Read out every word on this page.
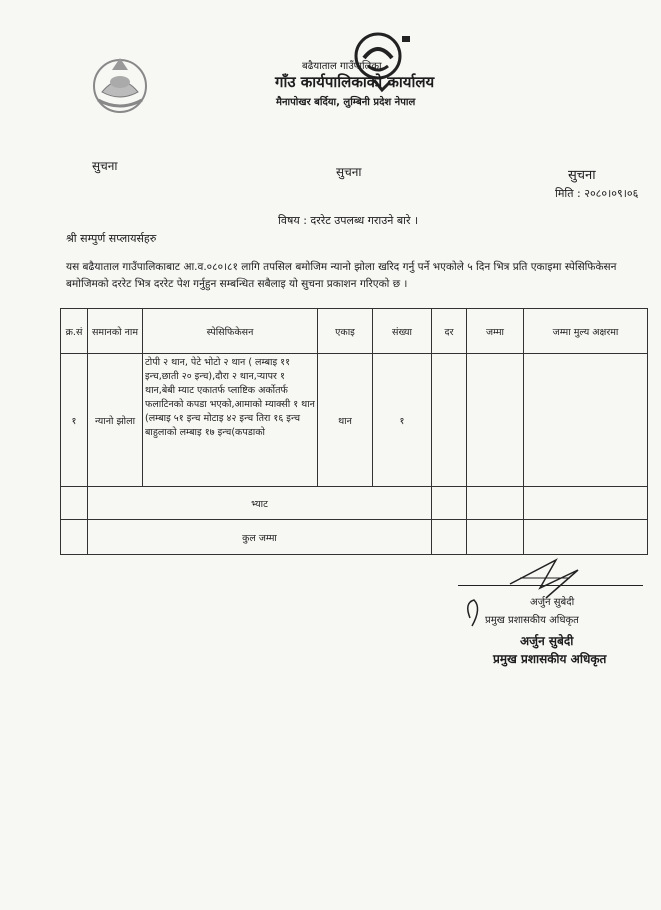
बढैयाताल गाउँपालिका
गाँउ कार्यपालिकाको कार्यालय
मैनापोखर बर्दिया, लुम्बिनी प्रदेश नेपाल
सुचना	सुचना	सुचना
मिति : २०८०।०९।०६
विषय : दररेट उपलब्ध गराउने बारे ।
श्री सम्पुर्ण सप्लायर्सहरु
यस बढैयाताल गाउँपालिकाबाट आ.व.०८०।८१ लागि तपसिल बमोजिम न्यानो झोला खरिद गर्नु पर्ने भएकोले ५ दिन भित्र प्रति एकाइमा स्पेसिफिकेसन बमोजिमको दररेट भित्र दररेट पेश गर्नुहुन सम्बन्धित सबैलाइ यो सुचना प्रकाशन गरिएको छ ।
क्र.सं	समानको नाम	स्पेसिफिकेसन	एकाइ	संख्या	दर	जम्मा	जम्मा मुल्य अक्षरमा
१	न्यानो झोला	टोपी २ थान, पेटे भोटो २ थान ( लम्बाइ ११ इन्च,छाती २० इन्च),दौरा २ थान,र्‍यापर १ थान,बेबी म्याट एकातर्फ प्लाष्टिक अर्कोतर्फ फलाटिनको कपडा भएको,आमाको म्याक्सी १ थान (लम्बाइ ५१ इन्च मोटाइ ४२ इन्च तिरा १६ इन्च बाहुलाको लम्बाइ १७ इन्च(कपडाको	थान	१			
	भ्याट						
	कुल जम्मा						
अर्जुन सुबेदी
प्रमुख प्रशासकीय अधिकृत
अर्जुन सुबेदी
प्रमुख प्रशासकीय अधिकृत
